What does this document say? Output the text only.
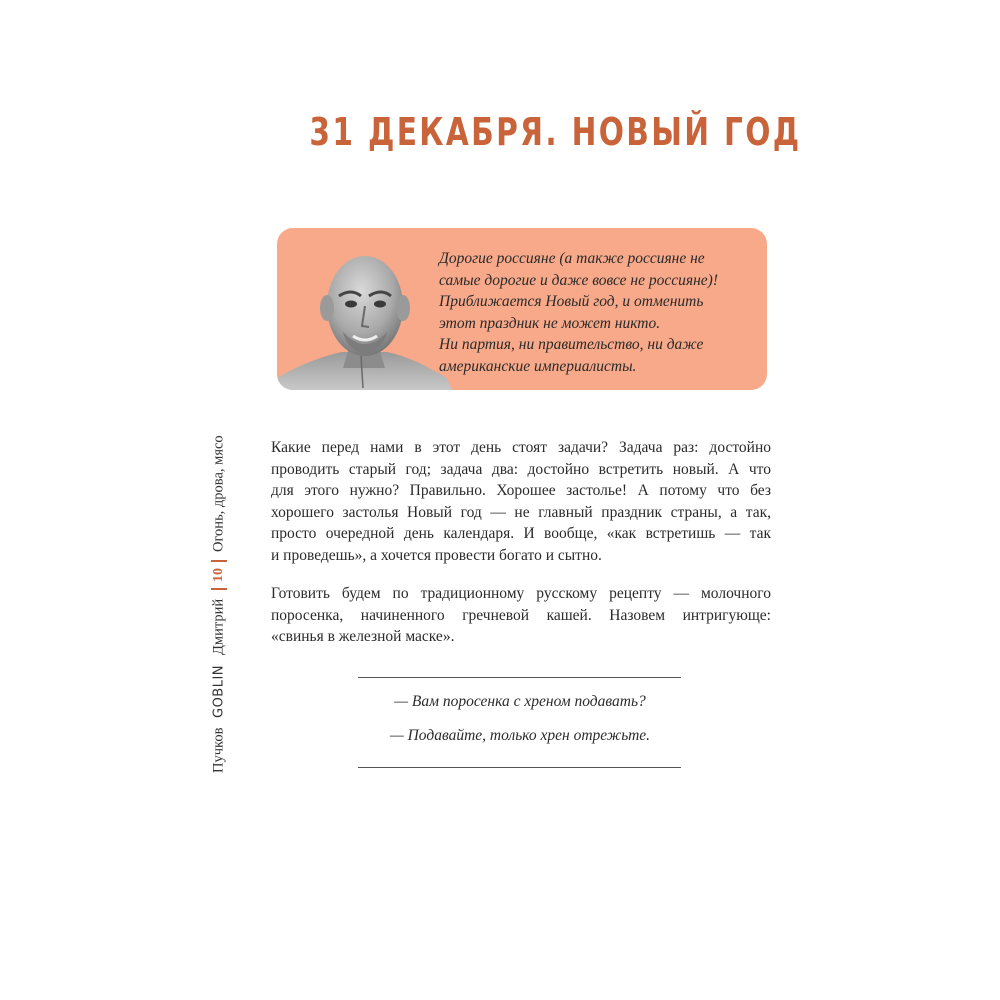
31 ДЕКАБРЯ. НОВЫЙ ГОД
Дорогие россияне (а также россияне не
самые дорогие и даже вовсе не россияне)!
Приближается Новый год, и отменить
этот праздник не может никто.
Ни партия, ни правительство, ни даже
американские империалисты.
Пучков
GOBLIN
Дмитрий
10
Огонь, дрова, мясо	Какие перед нами в этот день стоят задачи? Задача раз: достойно
проводить старый год; задача два: достойно встретить новый. А что
для этого нужно? Правильно. Хорошее застолье! А потому что без
хорошего застолья Новый год — не главный праздник страны, а так,
просто очередной день календаря. И вообще, «как встретишь — так
и проведешь», а хочется провести богато и сытно.

Готовить будем по традиционному русскому рецепту — молочного
поросенка, начиненного гречневой кашей. Назовем интригующе:
«свинья в железной маске».

— Вам поросенка с хреном подавать?
— Подавайте, только хрен отрежьте.
